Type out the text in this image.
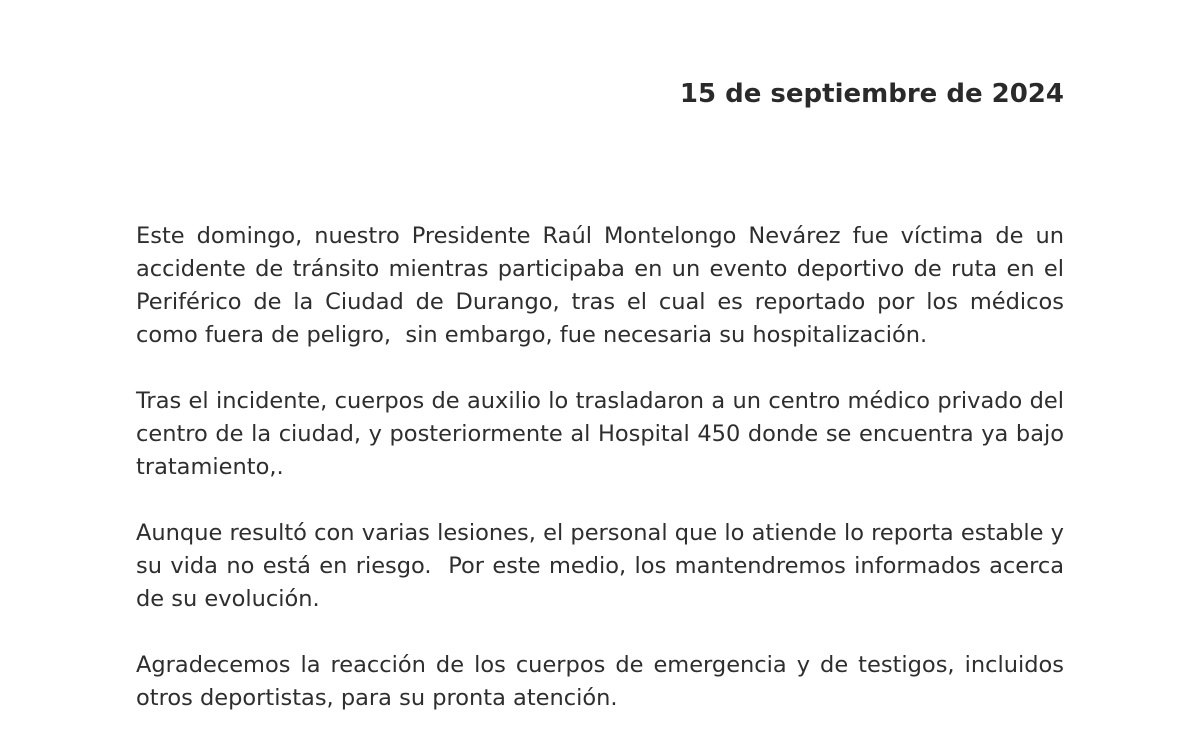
15 de septiembre de 2024

Este domingo, nuestro Presidente Raúl Montelongo Nevárez fue víctima de un accidente de tránsito mientras participaba en un evento deportivo de ruta en el Periférico de la Ciudad de Durango, tras el cual es reportado por los médicos como fuera de peligro,  sin embargo, fue necesaria su hospitalización.

Tras el incidente, cuerpos de auxilio lo trasladaron a un centro médico privado del centro de la ciudad, y posteriormente al Hospital 450 donde se encuentra ya bajo tratamiento,.

Aunque resultó con varias lesiones, el personal que lo atiende lo reporta estable y su vida no está en riesgo.  Por este medio, los mantendremos informados acerca de su evolución.

Agradecemos la reacción de los cuerpos de emergencia y de testigos, incluidos otros deportistas, para su pronta atención.
